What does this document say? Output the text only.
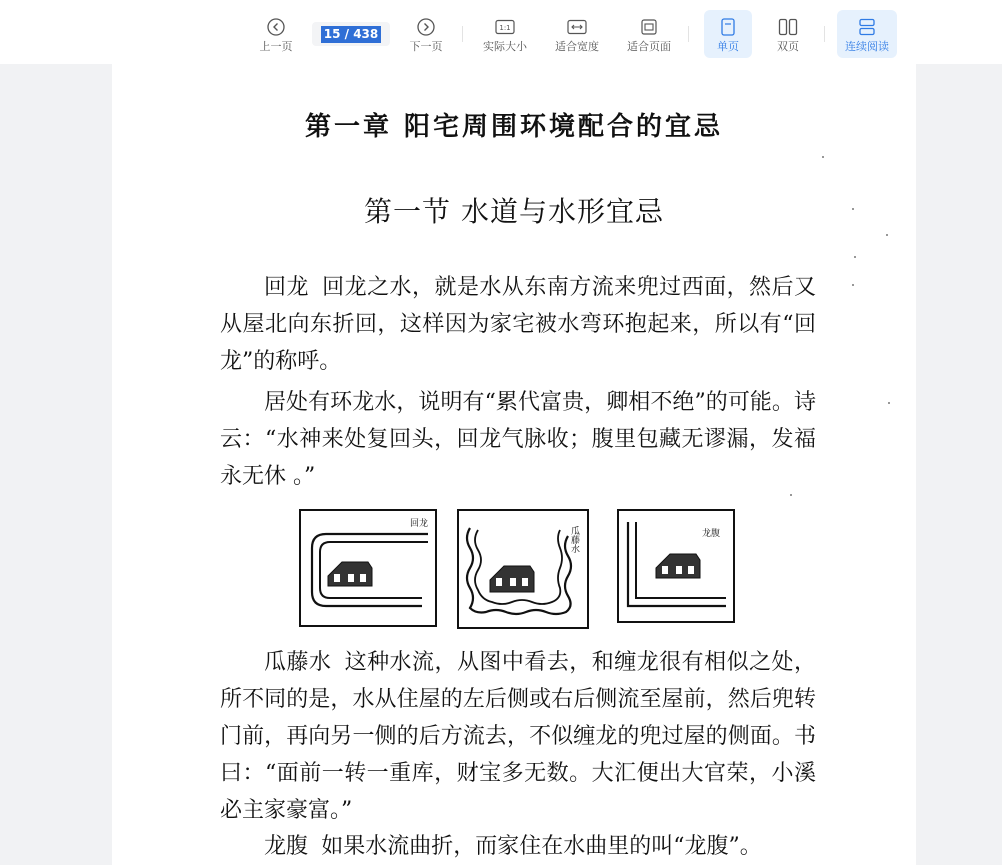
上一页
15 / 438
下一页
1:1
实际大小	适合宽度	适合页面	单页	双页	连续阅读
第一章 阳宅周围环境配合的宜忌
第一节 水道与水形宜忌

回龙 回龙之水，就是水从东南方流来兜过西面，然后又从屋北向东折回，这样因为家宅被水弯环抱起来，所以有“回龙”的称呼。

居处有环龙水，说明有“累代富贵，卿相不绝”的可能。诗云：“水神来处复回头，回龙气脉收；腹里包藏无谬漏，发福永无休 。”

回龙
瓜藤水	龙腹

瓜藤水 这种水流，从图中看去，和缠龙很有相似之处，所不同的是，水从住屋的左后侧或右后侧流至屋前，然后兜转门前，再向另一侧的后方流去，不似缠龙的兜过屋的侧面。书曰：“面前一转一重库，财宝多无数。大汇便出大官荣，小溪必主家豪富。”

龙腹 如果水流曲折，而家住在水曲里的叫“龙腹”。
